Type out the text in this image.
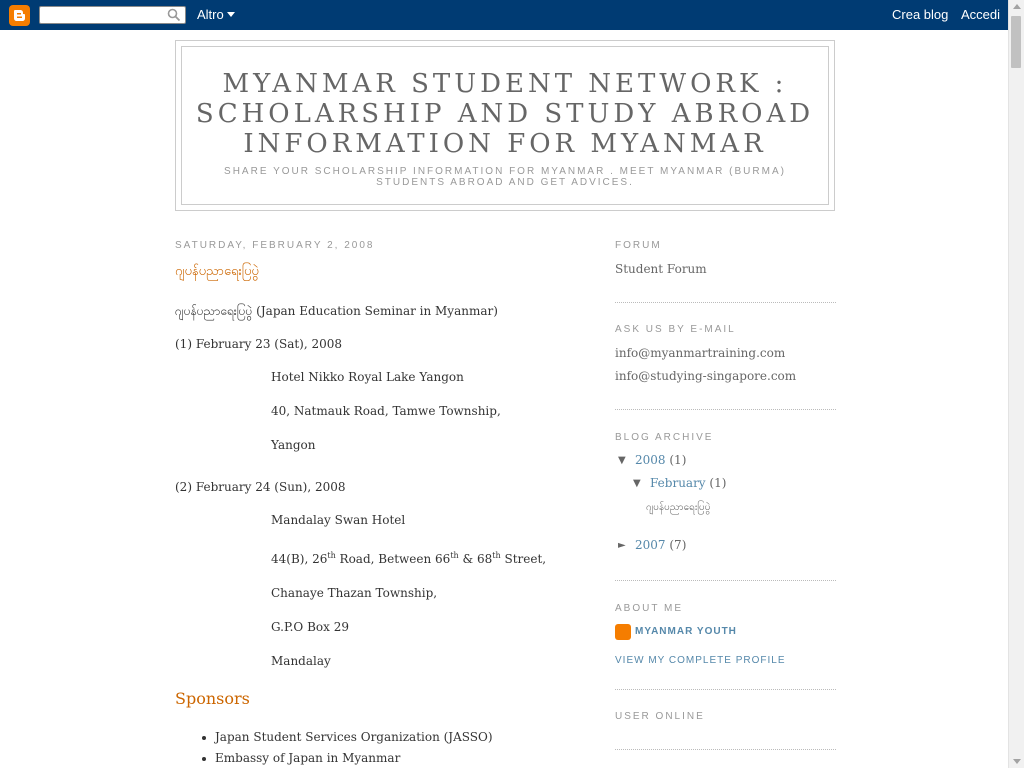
Altro	Crea blog Accedi
MYANMAR STUDENT NETWORK : SCHOLARSHIP AND STUDY ABROAD INFORMATION FOR MYANMAR
SHARE YOUR SCHOLARSHIP INFORMATION FOR MYANMAR . MEET MYANMAR (BURMA) STUDENTS ABROAD AND GET ADVICES.
SATURDAY, FEBRUARY 2, 2008
ဂျပန်ပညာရေးပြပွဲ
ဂျပန်ပညာရေးပြပွဲ (Japan Education Seminar in Myanmar)
(1) February 23 (Sat), 2008
Hotel Nikko Royal Lake Yangon
40, Natmauk Road, Tamwe Township,
Yangon
(2) February 24 (Sun), 2008
Mandalay Swan Hotel
44(B), 26th Road, Between 66th & 68th Street,
Chanaye Thazan Township,
G.P.O Box 29
Mandalay
Sponsors
Japan Student Services Organization (JASSO)
Embassy of Japan in Myanmar
FORUM
Student Forum
ASK US BY E-MAIL
info@myanmartraining.com
info@studying-singapore.com
BLOG ARCHIVE
▼ 2008 (1)
▼ February (1)
ဂျပန်ပညာရေးပြပွဲ
► 2007 (7)
ABOUT ME
MYANMAR YOUTH
VIEW MY COMPLETE PROFILE
USER ONLINE
